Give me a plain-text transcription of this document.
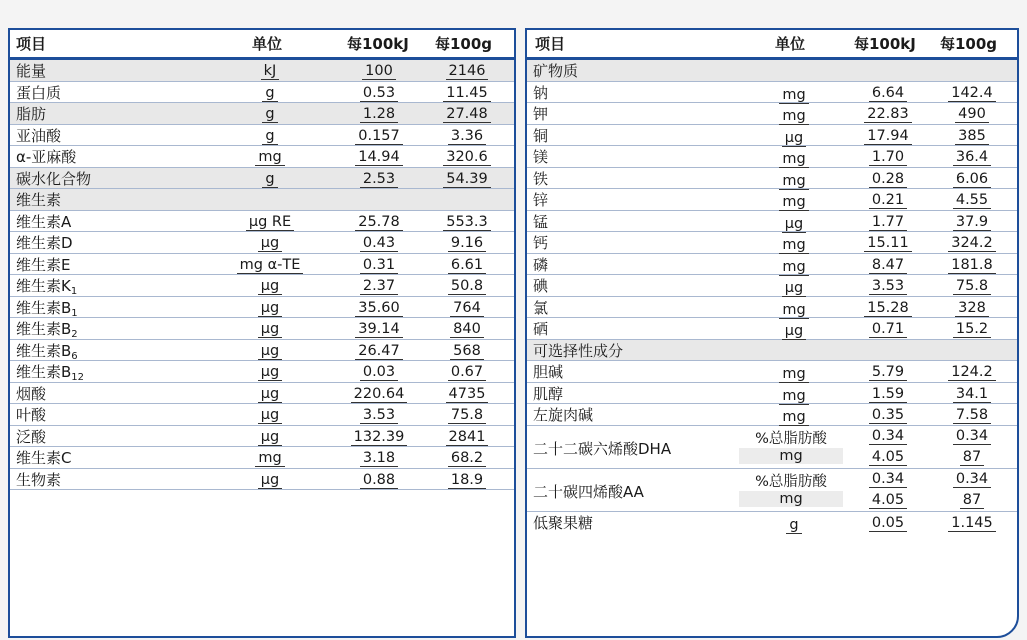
项目	单位	每100kJ 每100g
能量	kJ	100	2146
蛋白质	g	0.53	11.45
脂肪	g	1.28	27.48
亚油酸	g	0.157	3.36
α-亚麻酸	mg	14.94	320.6
碳水化合物	g	2.53	54.39
维生素
维生素A	μg RE	25.78	553.3
维生素D	μg	0.43	9.16
维生素E	mg α-TE	0.31	6.61
维生素$K_1$	μg	2.37	50.8
维生素$B_1$	μg	35.60	764
维生素$B_2$	μg	39.14	840
维生素$B_6$	μg	26.47	568
维生素$B_{12}$	μg	0.03	0.67
烟酸	μg	220.64	4735
叶酸	μg	3.53	75.8
泛酸	μg	132.39	2841
维生素C	mg	3.18	68.2
生物素	μg	0.88	18.9
项目	单位	每100kJ 每100g
矿物质
钠	mg	6.64	142.4
钾	mg	22.83	490
铜	μg	17.94	385
镁	mg	1.70	36.4
铁	mg	0.28	6.06
锌	mg	0.21	4.55
锰	μg	1.77	37.9
钙	mg	15.11	324.2
磷	mg	8.47	181.8
碘	μg	3.53	75.8
氯	mg	15.28	328
硒	μg	0.71	15.2
可选择性成分
胆碱	mg	5.79	124.2
肌醇	mg	1.59	34.1
左旋肉碱	mg	0.35	7.58
二十二碳六烯酸DHA
%总脂肪酸	0.34	0.34
mg	4.05	87
二十碳四烯酸AA
%总脂肪酸	0.34	0.34
mg	4.05	87
低聚果糖	g	0.05	1.145
